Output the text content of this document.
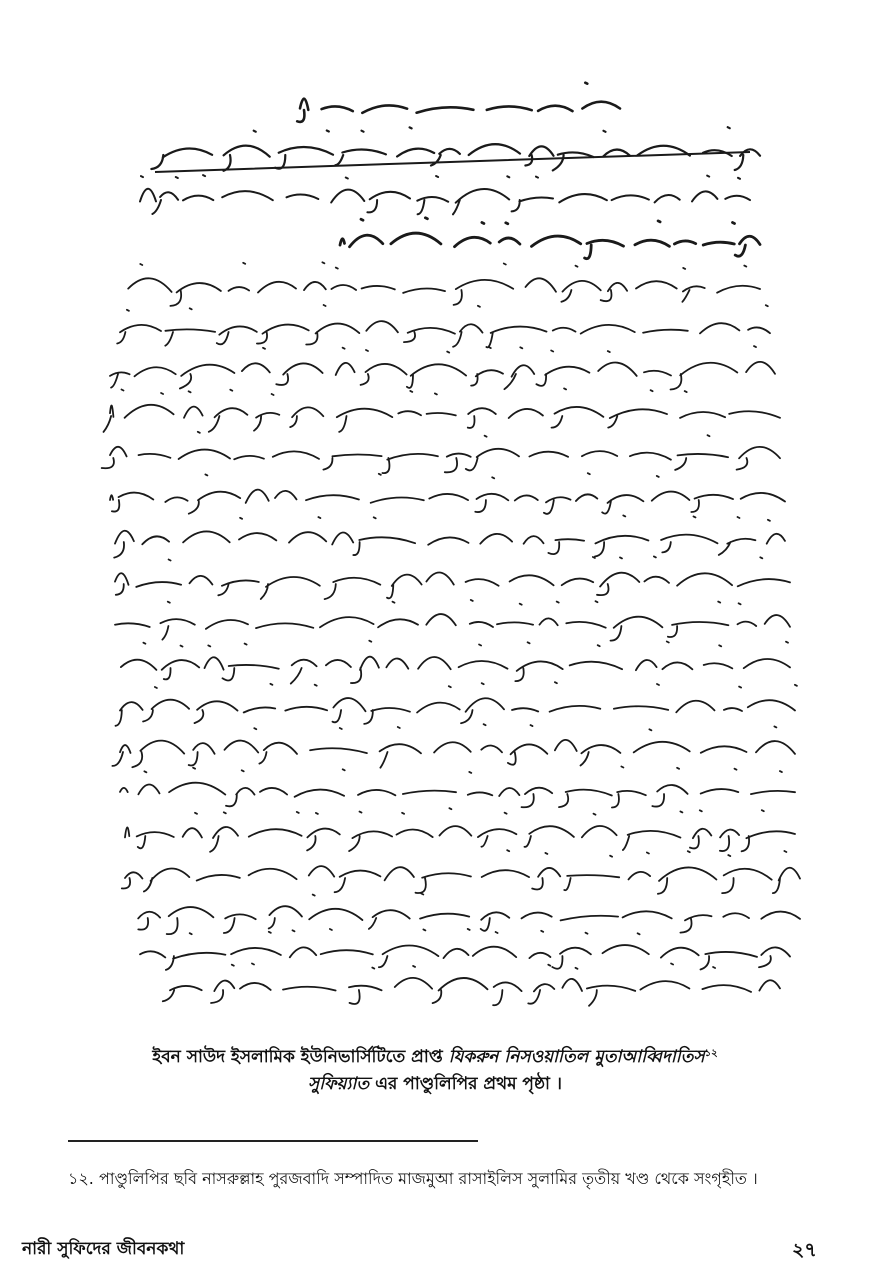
ইবন সাউদ ইসলামিক ইউনিভার্সিটিতে প্রাপ্ত যিকরুন নিসওয়াতিল মুতাআব্বিদাতিস$^{১২}$
সুফিয়্যাত এর পাণ্ডুলিপির প্রথম পৃষ্ঠা ।
১২. পাণ্ডুলিপির ছবি নাসরুল্লাহ পুরজবাদি সম্পাদিত মাজমুআ রাসাইলিস সুলামির তৃতীয় খণ্ড থেকে সংগৃহীত ।
নারী সুফিদের জীবনকথা	২৭
